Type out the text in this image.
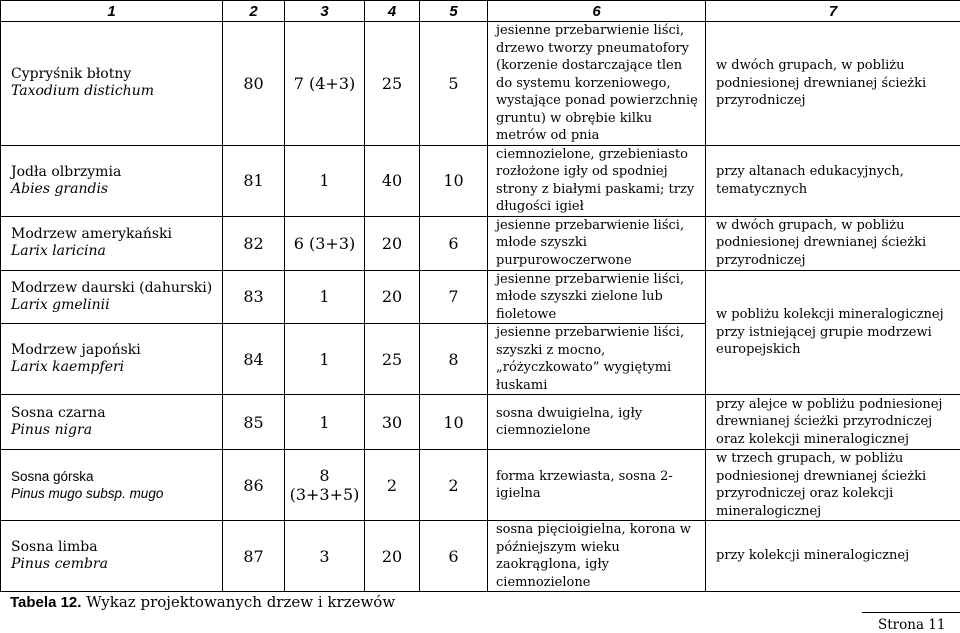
1	2	3	4	5	6	7

Cypryśnik błotny
Taxodium distichum	80	7 (4+3)	25	5	jesienne przebarwienie liści, drzewo tworzy pneumatofory (korzenie dostarczające tlen do systemu korzeniowego, wystające ponad powierzchnię gruntu) w obrębie kilku metrów od pnia	w dwóch grupach, w pobliżu podniesionej drewnianej ścieżki przyrodniczej

Jodła olbrzymia
Abies grandis	81	1	40	10	ciemnozielone, grzebieniasto rozłożone igły od spodniej strony z białymi paskami; trzy długości igieł	przy altanach edukacyjnych, tematycznych

Modrzew amerykański
Larix laricina	82	6 (3+3)	20	6	jesienne przebarwienie liści, młode szyszki purpurowoczerwone	w dwóch grupach, w pobliżu podniesionej drewnianej ścieżki przyrodniczej

Modrzew daurski (dahurski)
Larix gmelinii	83	1	20	7	jesienne przebarwienie liści, młode szyszki zielone lub fioletowe	w pobliżu kolekcji mineralogicznej przy istniejącej grupie modrzewi europejskich

Modrzew japoński
Larix kaempferi	84	1	25	8	jesienne przebarwienie liści, szyszki z mocno, „różyczkowato” wygiętymi łuskami	

Sosna czarna
Pinus nigra	85	1	30	10	sosna dwuigielna, igły ciemnozielone	przy alejce w pobliżu podniesionej drewnianej ścieżki przyrodniczej oraz kolekcji mineralogicznej

Sosna górska
Pinus mugo subsp. mugo	86	8 (3+3+5)	2	2	forma krzewiasta, sosna 2-igielna	w trzech grupach, w pobliżu podniesionej drewnianej ścieżki przyrodniczej oraz kolekcji mineralogicznej

Sosna limba
Pinus cembra	87	3	20	6	sosna pięcioigielna, korona w późniejszym wieku zaokrąglona, igły ciemnozielone	przy kolekcji mineralogicznej
Tabela 12. Wykaz projektowanych drzew i krzewów
Strona 11
